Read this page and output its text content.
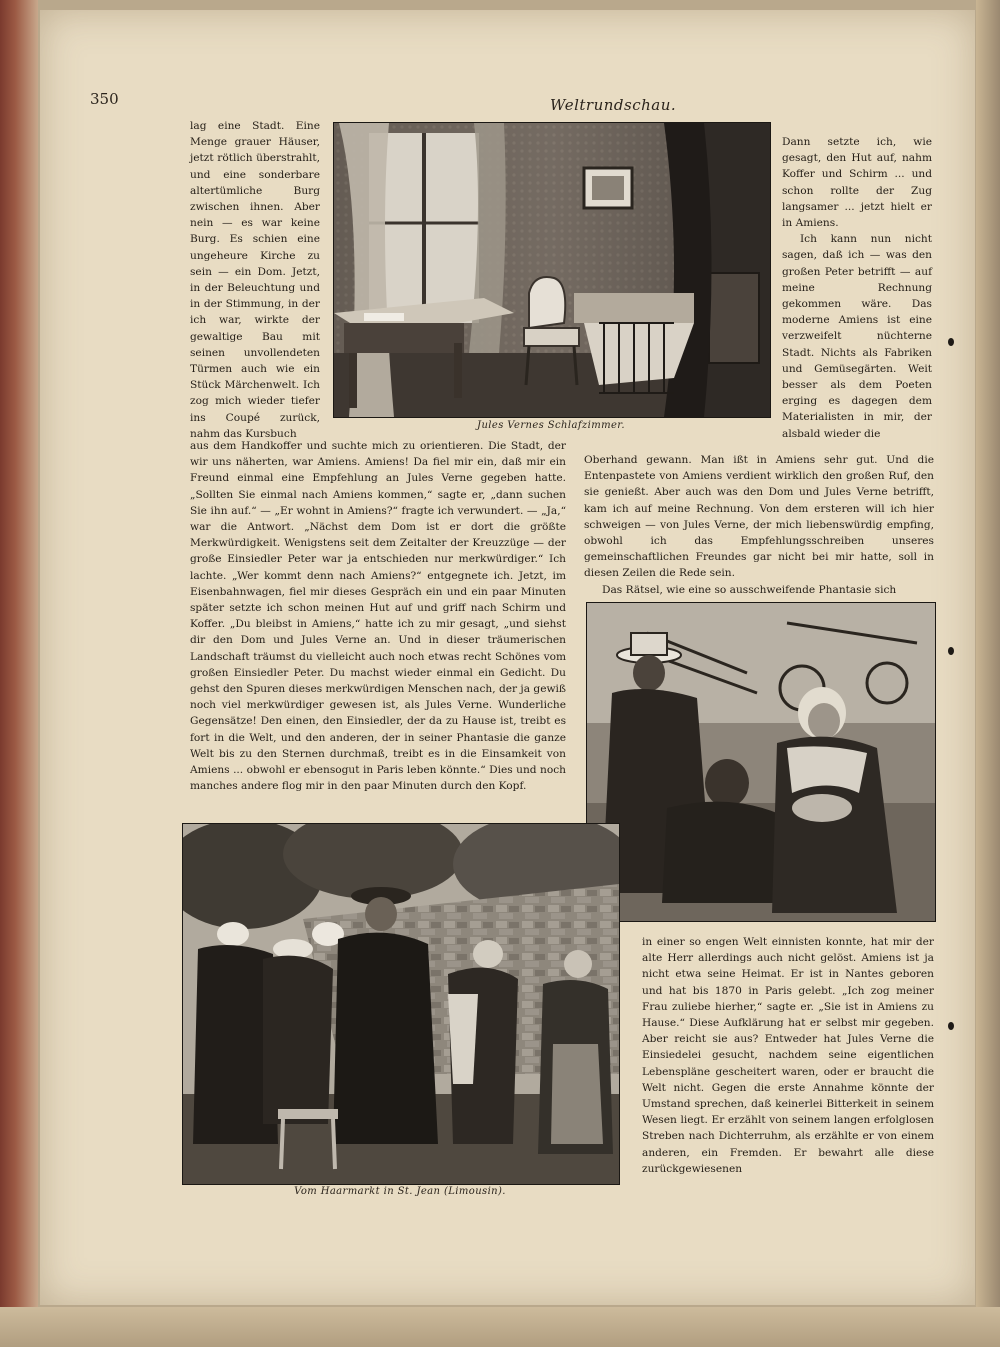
350	Weltrundschau.

lag eine Stadt. Eine Menge grauer Häuser, jetzt rötlich überstrahlt, und eine sonderbare altertümliche Burg zwischen ihnen. Aber nein — es war keine Burg. Es schien eine ungeheure Kirche zu sein — ein Dom. Jetzt, in der Beleuchtung und in der Stimmung, in der ich war, wirkte der gewaltige Bau mit seinen unvollendeten Türmen auch wie ein Stück Märchenwelt. Ich zog mich wieder tiefer ins Coupé zurück, nahm das Kursbuch

Jules Vernes Schlafzimmer.

Dann setzte ich, wie gesagt, den Hut auf, nahm Koffer und Schirm ... und schon rollte der Zug langsamer ... jetzt hielt er in Amiens.

Ich kann nun nicht sagen, daß ich — was den großen Peter betrifft — auf meine Rechnung gekommen wäre. Das moderne Amiens ist eine verzweifelt nüchterne Stadt. Nichts als Fabriken und Gemüsegärten. Weit besser als dem Poeten erging es dagegen dem Materialisten in mir, der alsbald wieder die

aus dem Handkoffer und suchte mich zu orientieren. Die Stadt, der wir uns näherten, war Amiens. Amiens! Da fiel mir ein, daß mir ein Freund einmal eine Empfehlung an Jules Verne gegeben hatte. „Sollten Sie einmal nach Amiens kommen,“ sagte er, „dann suchen Sie ihn auf.“ — „Er wohnt in Amiens?“ fragte ich verwundert. — „Ja,“ war die Antwort. „Nächst dem Dom ist er dort die größte Merkwürdigkeit. Wenigstens seit dem Zeitalter der Kreuzzüge — der große Einsiedler Peter war ja entschieden nur merkwürdiger.“ Ich lachte. „Wer kommt denn nach Amiens?“ entgegnete ich. Jetzt, im Eisenbahnwagen, fiel mir dieses Gespräch ein und ein paar Minuten später setzte ich schon meinen Hut auf und griff nach Schirm und Koffer. „Du bleibst in Amiens,“ hatte ich zu mir gesagt, „und siehst dir den Dom und Jules Verne an. Und in dieser träumerischen Landschaft träumst du vielleicht auch noch etwas recht Schönes vom großen Einsiedler Peter. Du machst wieder einmal ein Gedicht. Du gehst den Spuren dieses merkwürdigen Menschen nach, der ja gewiß noch viel merkwürdiger gewesen ist, als Jules Verne. Wunderliche Gegensätze! Den einen, den Einsiedler, der da zu Hause ist, treibt es fort in die Welt, und den anderen, der in seiner Phantasie die ganze Welt bis zu den Sternen durchmaß, treibt es in die Einsamkeit von Amiens ... obwohl er ebensogut in Paris leben könnte.“ Dies und noch manches andere flog mir in den paar Minuten durch den Kopf.

Oberhand gewann. Man ißt in Amiens sehr gut. Und die Entenpastete von Amiens verdient wirklich den großen Ruf, den sie genießt. Aber auch was den Dom und Jules Verne betrifft, kam ich auf meine Rechnung. Von dem ersteren will ich hier schweigen — von Jules Verne, der mich liebenswürdig empfing, obwohl ich das Empfehlungsschreiben unseres gemeinschaftlichen Freundes gar nicht bei mir hatte, soll in diesen Zeilen die Rede sein.

Das Rätsel, wie eine so ausschweifende Phantasie sich

Vom Haarmarkt in St. Jean (Limousin).

in einer so engen Welt einnisten konnte, hat mir der alte Herr allerdings auch nicht gelöst. Amiens ist ja nicht etwa seine Heimat. Er ist in Nantes geboren und hat bis 1870 in Paris gelebt. „Ich zog meiner Frau zuliebe hierher,“ sagte er. „Sie ist in Amiens zu Hause.“ Diese Aufklärung hat er selbst mir gegeben. Aber reicht sie aus? Entweder hat Jules Verne die Einsiedelei gesucht, nachdem seine eigentlichen Lebenspläne gescheitert waren, oder er braucht die Welt nicht. Gegen die erste Annahme könnte der Umstand sprechen, daß keinerlei Bitterkeit in seinem Wesen liegt. Er erzählt von seinem langen erfolglosen Streben nach Dichterruhm, als erzählte er von einem anderen, ein Fremden. Er bewahrt alle diese zurückgewiesenen
